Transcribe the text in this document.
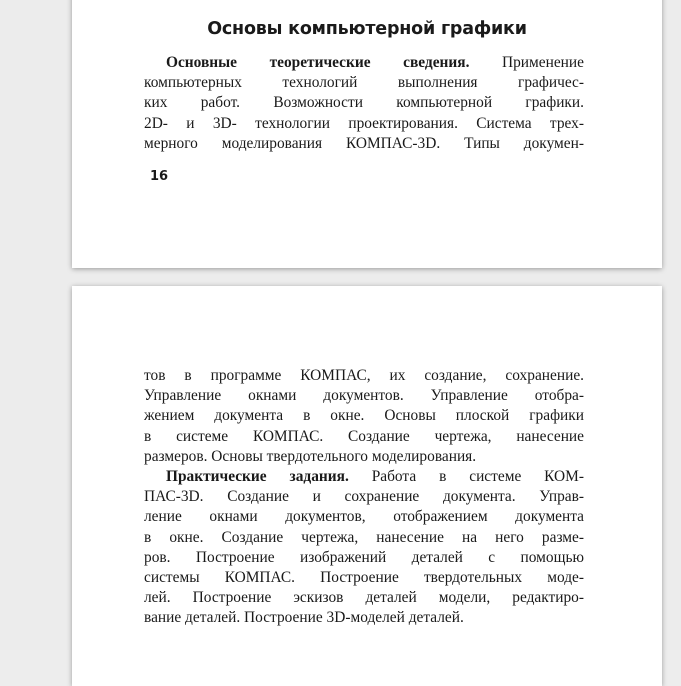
Основы компьютерной графики
Основные теоретические сведения. Применение
компьютерных технологий выполнения графичес-
ких работ. Возможности компьютерной графики.
2D- и 3D- технологии проектирования. Система трех-
мерного моделирования КОМПАС-3D. Типы докумен-
16
тов в программе КОМПАС, их создание, сохранение.
Управление окнами документов. Управление отобра-
жением документа в окне. Основы плоской графики
в системе КОМПАС. Создание чертежа, нанесение
размеров. Основы твердотельного моделирования.
Практические задания. Работа в системе КОМ-
ПАС-3D. Создание и сохранение документа. Управ-
ление окнами документов, отображением документа
в окне. Создание чертежа, нанесение на него разме-
ров. Построение изображений деталей с помощью
системы КОМПАС. Построение твердотельных моде-
лей. Построение эскизов деталей модели, редактиро-
вание деталей. Построение 3D-моделей деталей.
